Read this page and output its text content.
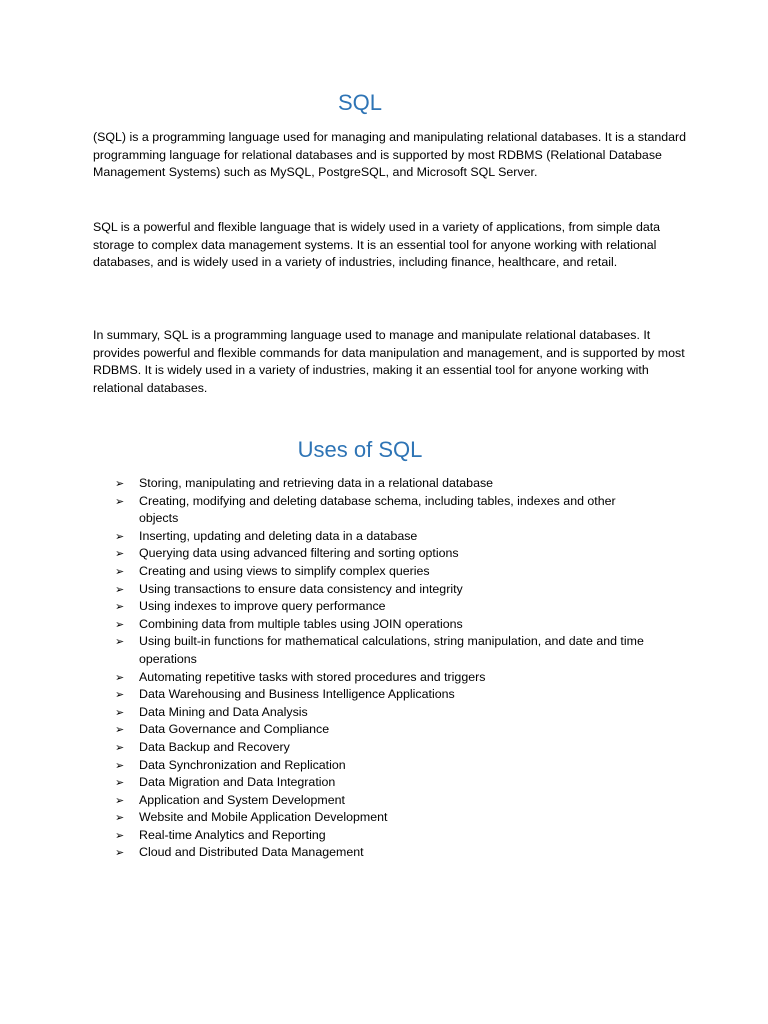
SQL

(SQL) is a programming language used for managing and manipulating relational databases. It is a standard programming language for relational databases and is supported by most RDBMS (Relational Database Management Systems) such as MySQL, PostgreSQL, and Microsoft SQL Server.

SQL is a powerful and flexible language that is widely used in a variety of applications, from simple data storage to complex data management systems. It is an essential tool for anyone working with relational databases, and is widely used in a variety of industries, including finance, healthcare, and retail.

In summary, SQL is a programming language used to manage and manipulate relational databases. It provides powerful and flexible commands for data manipulation and management, and is supported by most RDBMS. It is widely used in a variety of industries, making it an essential tool for anyone working with relational databases.

Uses of SQL
➢ Storing, manipulating and retrieving data in a relational database
➢ Creating, modifying and deleting database schema, including tables, indexes and other objects
➢ Inserting, updating and deleting data in a database
➢ Querying data using advanced filtering and sorting options
➢ Creating and using views to simplify complex queries
➢ Using transactions to ensure data consistency and integrity
➢ Using indexes to improve query performance
➢ Combining data from multiple tables using JOIN operations
➢ Using built-in functions for mathematical calculations, string manipulation, and date and time operations
➢ Automating repetitive tasks with stored procedures and triggers
➢ Data Warehousing and Business Intelligence Applications
➢ Data Mining and Data Analysis
➢ Data Governance and Compliance
➢ Data Backup and Recovery
➢ Data Synchronization and Replication
➢ Data Migration and Data Integration
➢ Application and System Development
➢ Website and Mobile Application Development
➢ Real-time Analytics and Reporting
➢ Cloud and Distributed Data Management
